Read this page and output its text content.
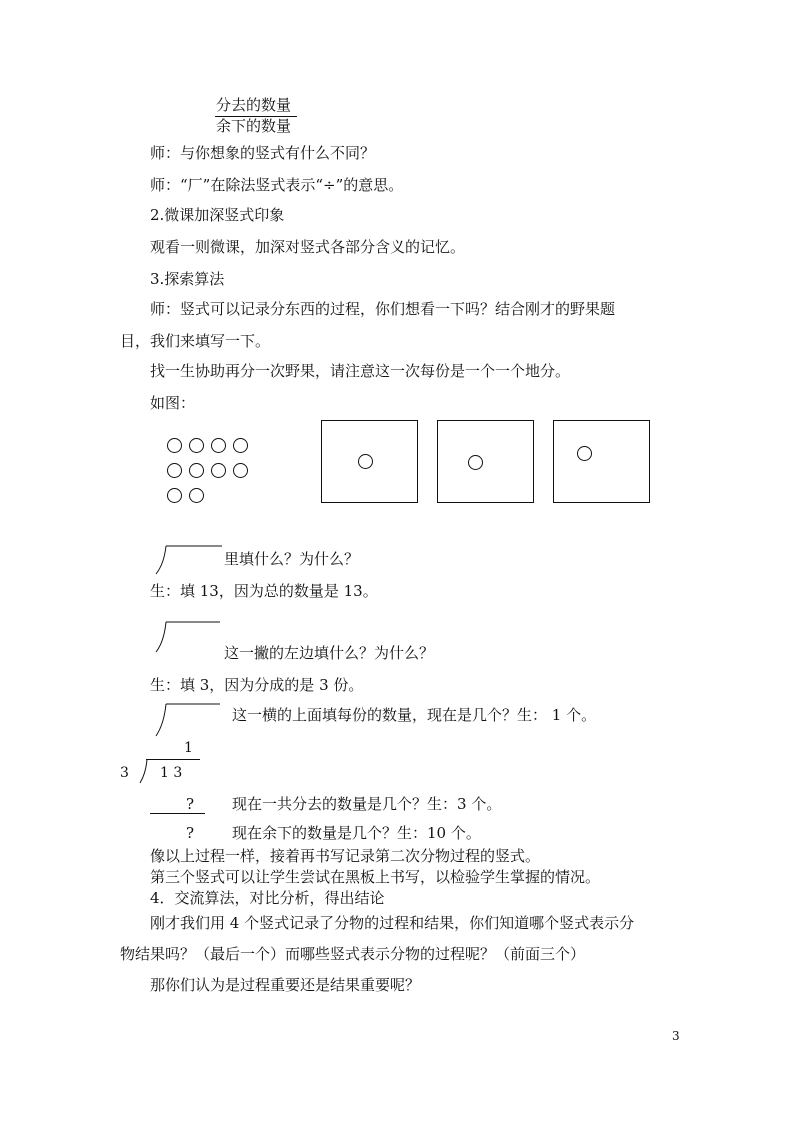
分去的数量
余下的数量
师：与你想象的竖式有什么不同？
师：“厂”在除法竖式表示“÷”的意思。
2.微课加深竖式印象
观看一则微课，加深对竖式各部分含义的记忆。
3.探索算法
师：竖式可以记录分东西的过程，你们想看一下吗？结合刚才的野果题
目，我们来填写一下。
找一生协助再分一次野果，请注意这一次每份是一个一个地分。
如图：
里填什么？为什么？
生：填 13，因为总的数量是 13。
这一撇的左边填什么？为什么？
生：填 3，因为分成的是 3 份。
这一横的上面填每份的数量，现在是几个？生： 1 个。
1
3 1 3
?	现在一共分去的数量是几个？生：3 个。
?	现在余下的数量是几个？生：10 个。
像以上过程一样，接着再书写记录第二次分物过程的竖式。
第三个竖式可以让学生尝试在黑板上书写，以检验学生掌握的情况。
4．交流算法，对比分析，得出结论
刚才我们用 4 个竖式记录了分物的过程和结果，你们知道哪个竖式表示分
物结果吗？（最后一个）而哪些竖式表示分物的过程呢？（前面三个）
那你们认为是过程重要还是结果重要呢？
3
